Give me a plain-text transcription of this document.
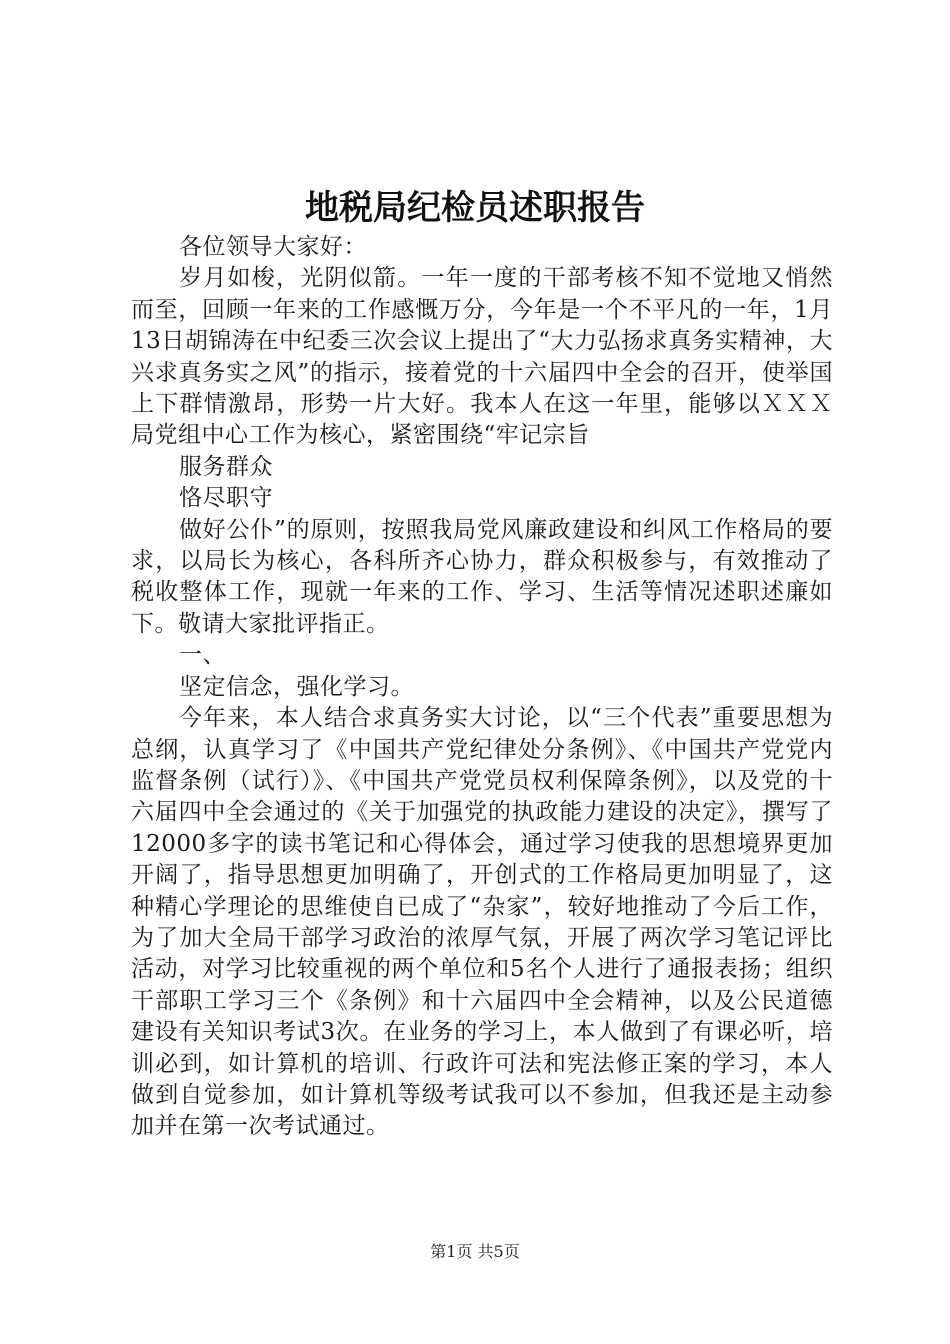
地税局纪检员述职报告

各位领导大家好：

岁月如梭，光阴似箭。一年一度的干部考核不知不觉地又悄然而至，回顾一年来的工作感慨万分，今年是一个不平凡的一年，1月13日胡锦涛在中纪委三次会议上提出了“大力弘扬求真务实精神，大兴求真务实之风”的指示，接着党的十六届四中全会的召开，使举国上下群情激昂，形势一片大好。我本人在这一年里，能够以ＸＸＸ局党组中心工作为核心，紧密围绕“牢记宗旨

服务群众

恪尽职守

做好公仆”的原则，按照我局党风廉政建设和纠风工作格局的要求，以局长为核心，各科所齐心协力，群众积极参与，有效推动了税收整体工作，现就一年来的工作、学习、生活等情况述职述廉如下。敬请大家批评指正。

一、

坚定信念，强化学习。

今年来，本人结合求真务实大讨论，以“三个代表”重要思想为总纲，认真学习了《中国共产党纪律处分条例》、《中国共产党党内监督条例（试行）》、《中国共产党党员权利保障条例》，以及党的十六届四中全会通过的《关于加强党的执政能力建设的决定》，撰写了12000多字的读书笔记和心得体会，通过学习使我的思想境界更加开阔了，指导思想更加明确了，开创式的工作格局更加明显了，这种精心学理论的思维使自已成了“杂家”，较好地推动了今后工作，为了加大全局干部学习政治的浓厚气氛，开展了两次学习笔记评比活动，对学习比较重视的两个单位和5名个人进行了通报表扬；组织干部职工学习三个《条例》和十六届四中全会精神，以及公民道德建设有关知识考试3次。在业务的学习上，本人做到了有课必听，培训必到，如计算机的培训、行政许可法和宪法修正案的学习，本人做到自觉参加，如计算机等级考试我可以不参加，但我还是主动参加并在第一次考试通过。

第1页 共5页
